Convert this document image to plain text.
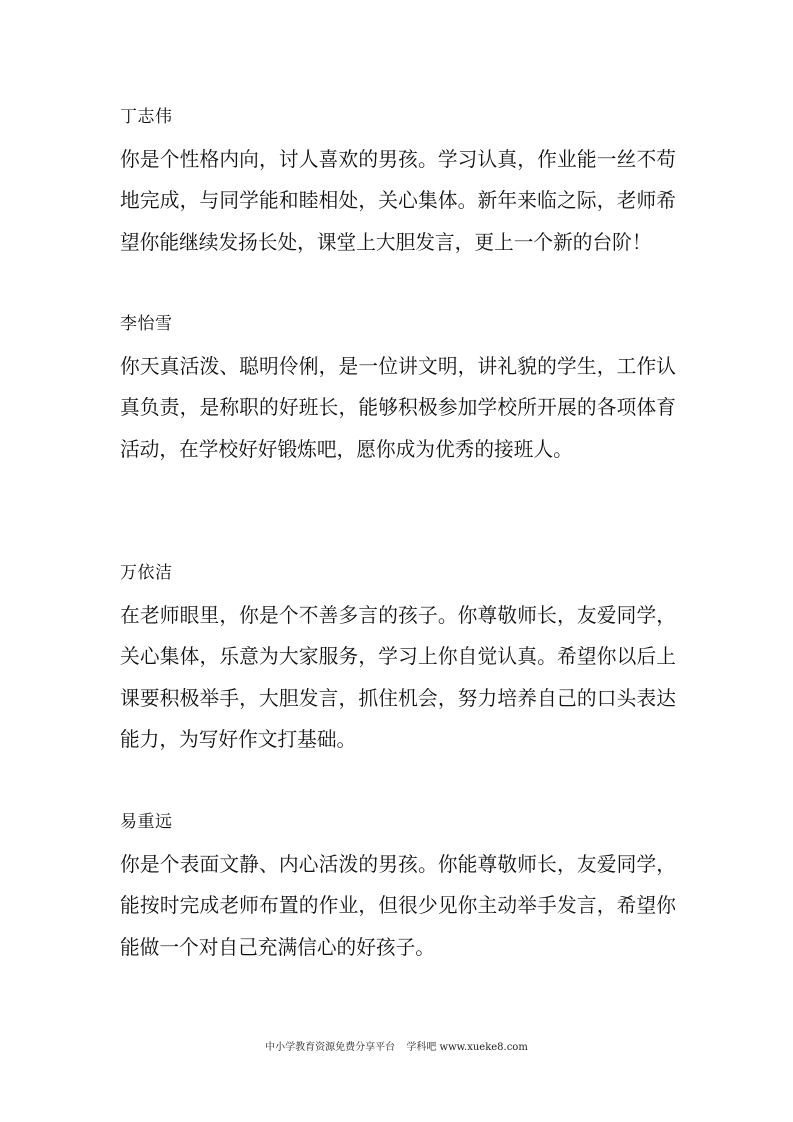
丁志伟
你是个性格内向，讨人喜欢的男孩。学习认真，作业能一丝不苟地完成，与同学能和睦相处，关心集体。新年来临之际，老师希望你能继续发扬长处，课堂上大胆发言，更上一个新的台阶！
李怡雪
你天真活泼、聪明伶俐，是一位讲文明，讲礼貌的学生，工作认真负责，是称职的好班长，能够积极参加学校所开展的各项体育活动，在学校好好锻炼吧，愿你成为优秀的接班人。
万依洁
在老师眼里，你是个不善多言的孩子。你尊敬师长，友爱同学，关心集体，乐意为大家服务，学习上你自觉认真。希望你以后上课要积极举手，大胆发言，抓住机会，努力培养自己的口头表达能力，为写好作文打基础。
易重远
你是个表面文静、内心活泼的男孩。你能尊敬师长，友爱同学，能按时完成老师布置的作业，但很少见你主动举手发言，希望你能做一个对自己充满信心的好孩子。
中小学教育资源免费分享平台 学科吧 www.xueke8.com
